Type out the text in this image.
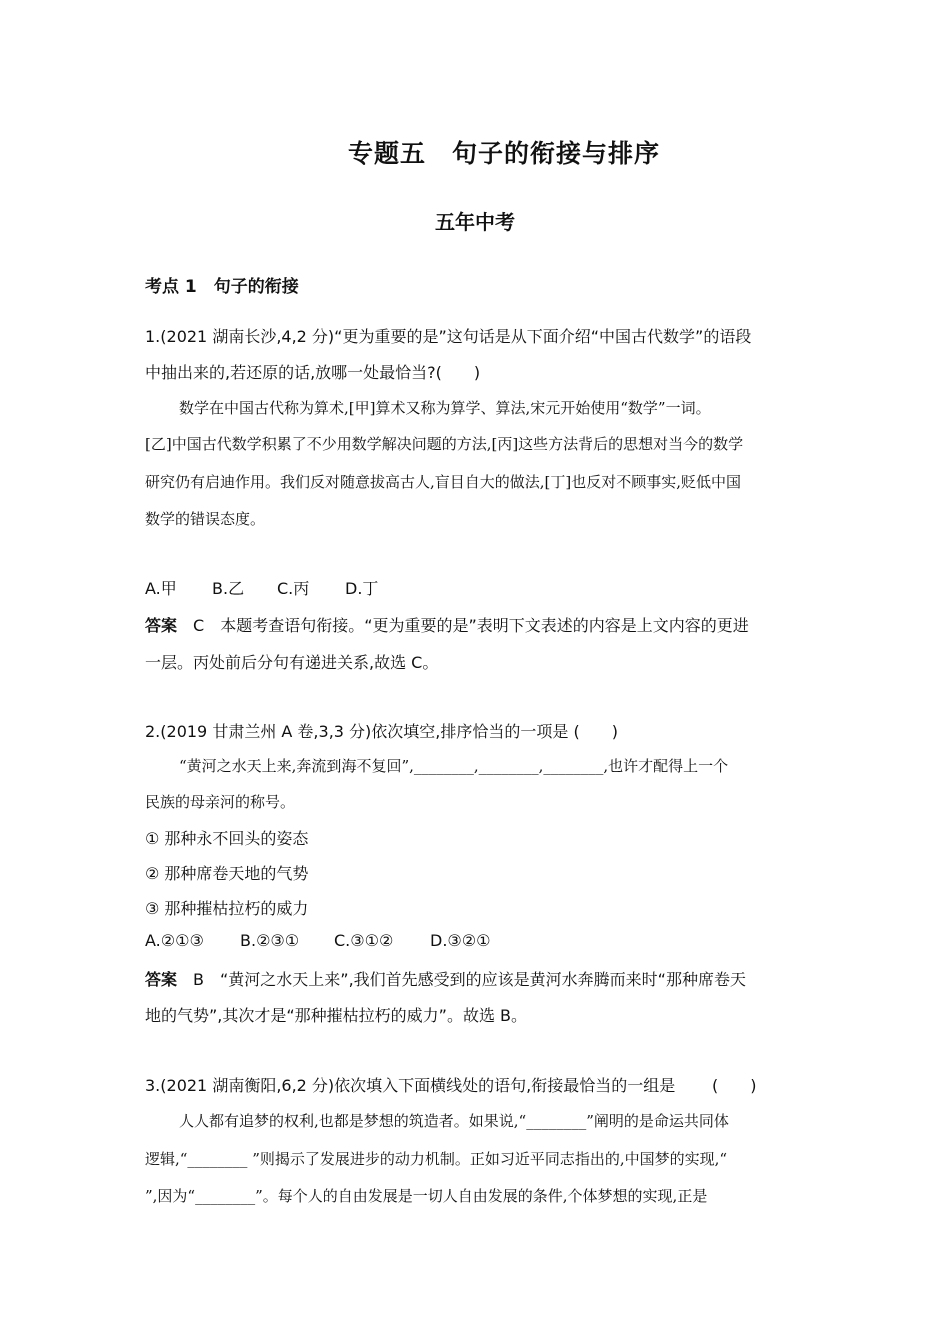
专题五　句子的衔接与排序
五年中考
考点 1　句子的衔接
1.(2021 湖南长沙,4,2 分)“更为重要的是”这句话是从下面介绍“中国古代数学”的语段
中抽出来的,若还原的话,放哪一处最恰当?(　　)
数学在中国古代称为算术,[甲]算术又称为算学、算法,宋元开始使用“数学”一词。
[乙]中国古代数学积累了不少用数学解决问题的方法,[丙]这些方法背后的思想对当今的数学
研究仍有启迪作用。我们反对随意拔高古人,盲目自大的做法,[丁]也反对不顾事实,贬低中国
数学的错误态度。
A.甲 B.乙 C.丙 D.丁
答案　 C　本题考查语句衔接。“更为重要的是”表明下文表述的内容是上文内容的更进
一层。丙处前后分句有递进关系,故选 C。
2.(2019 甘肃兰州 A 卷,3,3 分)依次填空,排序恰当的一项是 (　　)
“黄河之水天上来,奔流到海不复回”,________,________,________,也许才配得上一个
民族的母亲河的称号。
① 那种永不回头的姿态
② 那种席卷天地的气势
③ 那种摧枯拉朽的威力
A.②①③ B.②③① C.③①② D.③②①
答案　 B　“黄河之水天上来”,我们首先感受到的应该是黄河水奔腾而来时“那种席卷天
地的气势”,其次才是“那种摧枯拉朽的威力”。故选 B。
3.(2021 湖南衡阳,6,2 分)依次填入下面横线处的语句,衔接最恰当的一组是 (　　)
人人都有追梦的权利,也都是梦想的筑造者。如果说,“________”阐明的是命运共同体
逻辑,“________ ”则揭示了发展进步的动力机制。正如习近平同志指出的,中国梦的实现,“
”,因为“________”。每个人的自由发展是一切人自由发展的条件,个体梦想的实现,正是
